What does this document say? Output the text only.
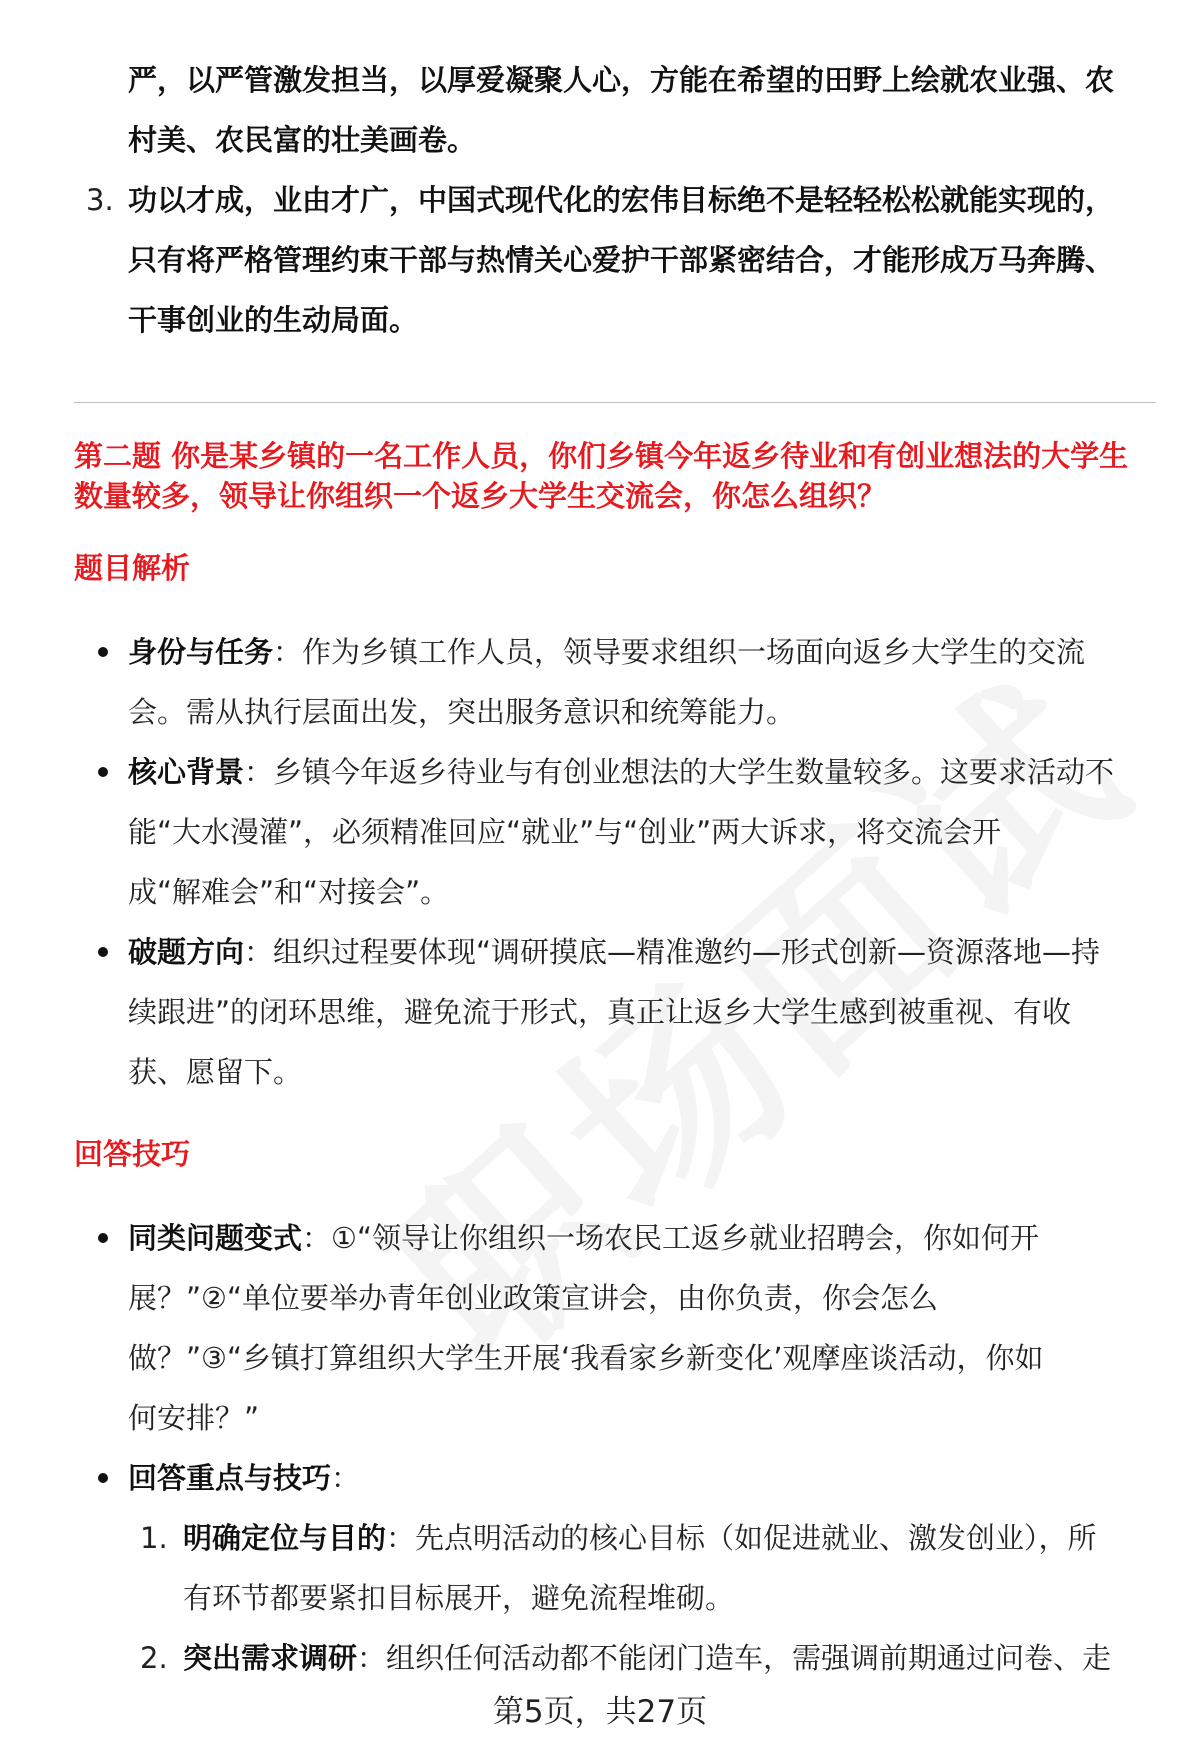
严，以严管激发担当，以厚爱凝聚人心，方能在希望的田野上绘就农业强、农
村美、农民富的壮美画卷。
3. 功以才成，业由才广，中国式现代化的宏伟目标绝不是轻轻松松就能实现的，
只有将严格管理约束干部与热情关心爱护干部紧密结合，才能形成万马奔腾、
干事创业的生动局面。
第二题 你是某乡镇的一名工作人员，你们乡镇今年返乡待业和有创业想法的大学生
数量较多，领导让你组织一个返乡大学生交流会，你怎么组织？
题目解析
身份与任务：作为乡镇工作人员，领导要求组织一场面向返乡大学生的交流
会。需从执行层面出发，突出服务意识和统筹能力。
核心背景：乡镇今年返乡待业与有创业想法的大学生数量较多。这要求活动不
能“大水漫灌”，必须精准回应“就业”与“创业”两大诉求，将交流会开
成“解难会”和“对接会”。
破题方向：组织过程要体现“调研摸底—精准邀约—形式创新—资源落地—持
续跟进”的闭环思维，避免流于形式，真正让返乡大学生感到被重视、有收
获、愿留下。
回答技巧
同类问题变式：①“领导让你组织一场农民工返乡就业招聘会，你如何开
展？”②“单位要举办青年创业政策宣讲会，由你负责，你会怎么
做？”③“乡镇打算组织大学生开展‘我看家乡新变化’观摩座谈活动，你如
何安排？”
回答重点与技巧：
1. 明确定位与目的：先点明活动的核心目标（如促进就业、激发创业），所
有环节都要紧扣目标展开，避免流程堆砌。
2. 突出需求调研：组织任何活动都不能闭门造车，需强调前期通过问卷、走
第5页，共27页
